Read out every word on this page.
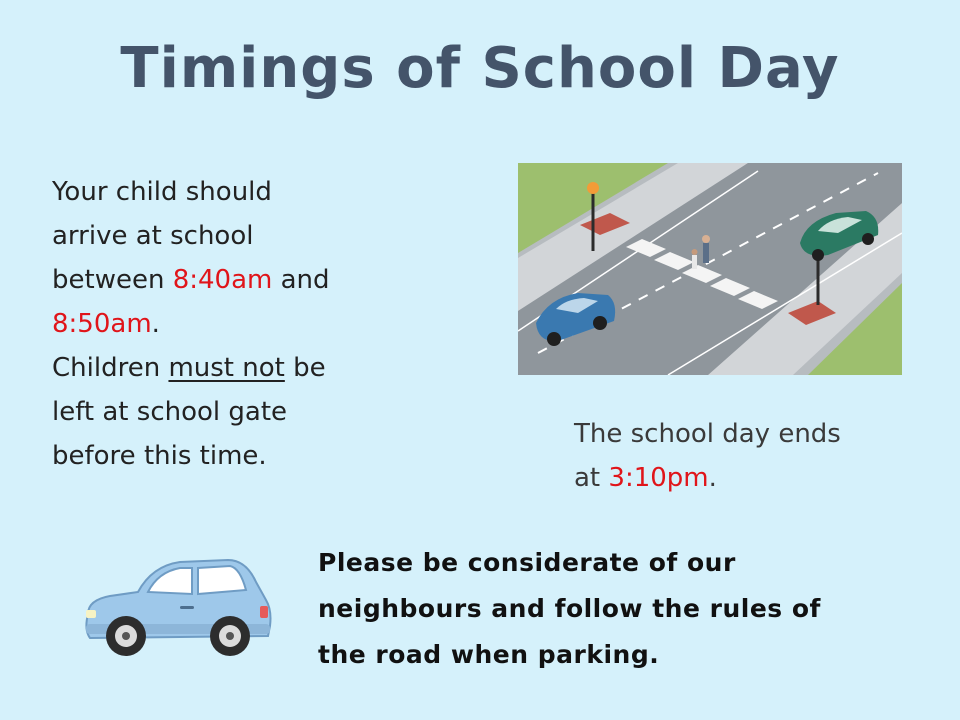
Timings of School Day
Your child should
arrive at school
between 8:40am and
8:50am.
Children must not be
left at school gate
before this time.
The school day ends
at 3:10pm.
Please be considerate of our
neighbours and follow the rules of
the road when parking.
